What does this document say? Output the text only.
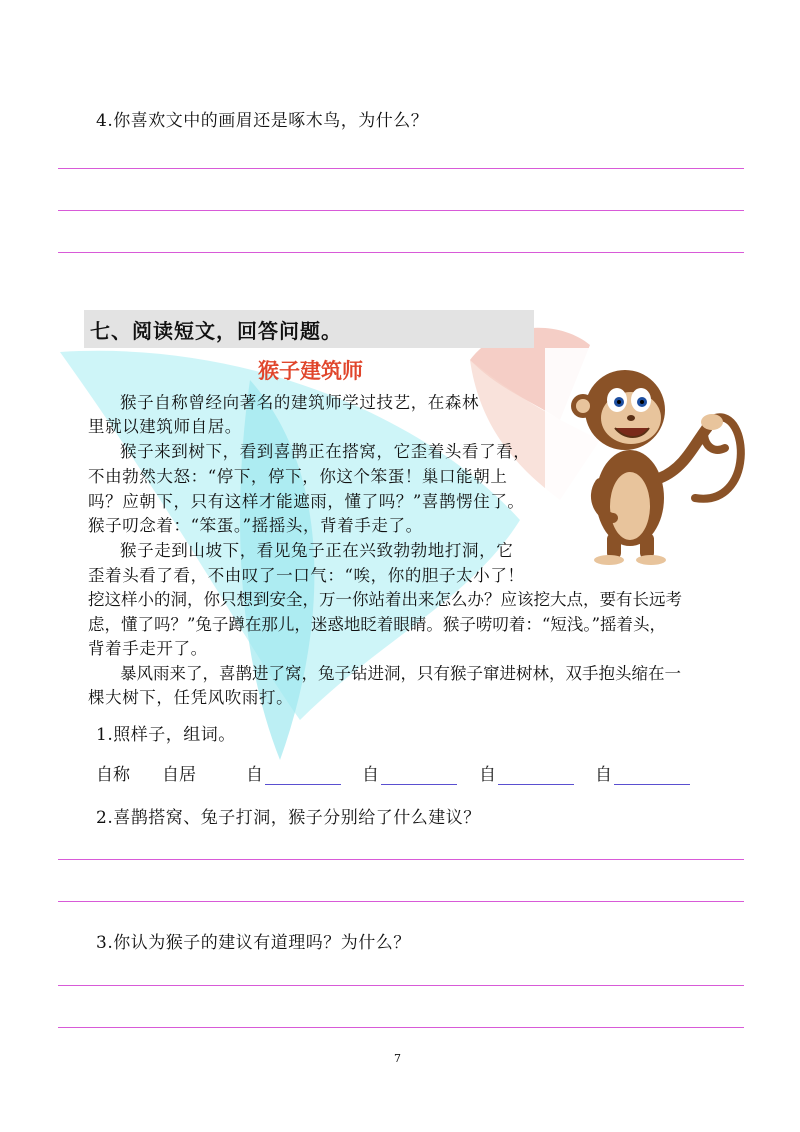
4.你喜欢文中的画眉还是啄木鸟，为什么？
七、阅读短文，回答问题。
猴子建筑师
猴子自称曾经向著名的建筑师学过技艺，在森林
里就以建筑师自居。
猴子来到树下，看到喜鹊正在搭窝，它歪着头看了看，
不由勃然大怒：“停下，停下，你这个笨蛋！巢口能朝上
吗？应朝下，只有这样才能遮雨，懂了吗？”喜鹊愣住了。
猴子叨念着：“笨蛋。”摇摇头，背着手走了。
猴子走到山坡下，看见兔子正在兴致勃勃地打洞，它
歪着头看了看，不由叹了一口气：“唉，你的胆子太小了！
挖这样小的洞，你只想到安全，万一你站着出来怎么办？应该挖大点，要有长远考
虑，懂了吗？”兔子蹲在那儿，迷惑地眨着眼睛。猴子唠叨着：“短浅。”摇着头，
背着手走开了。
暴风雨来了，喜鹊进了窝，兔子钻进洞，只有猴子窜进树林，双手抱头缩在一
棵大树下，任凭风吹雨打。
1.照样子，组词。
自称 自居	自	自	自	自
2.喜鹊搭窝、兔子打洞，猴子分别给了什么建议？
3.你认为猴子的建议有道理吗？为什么？
7
